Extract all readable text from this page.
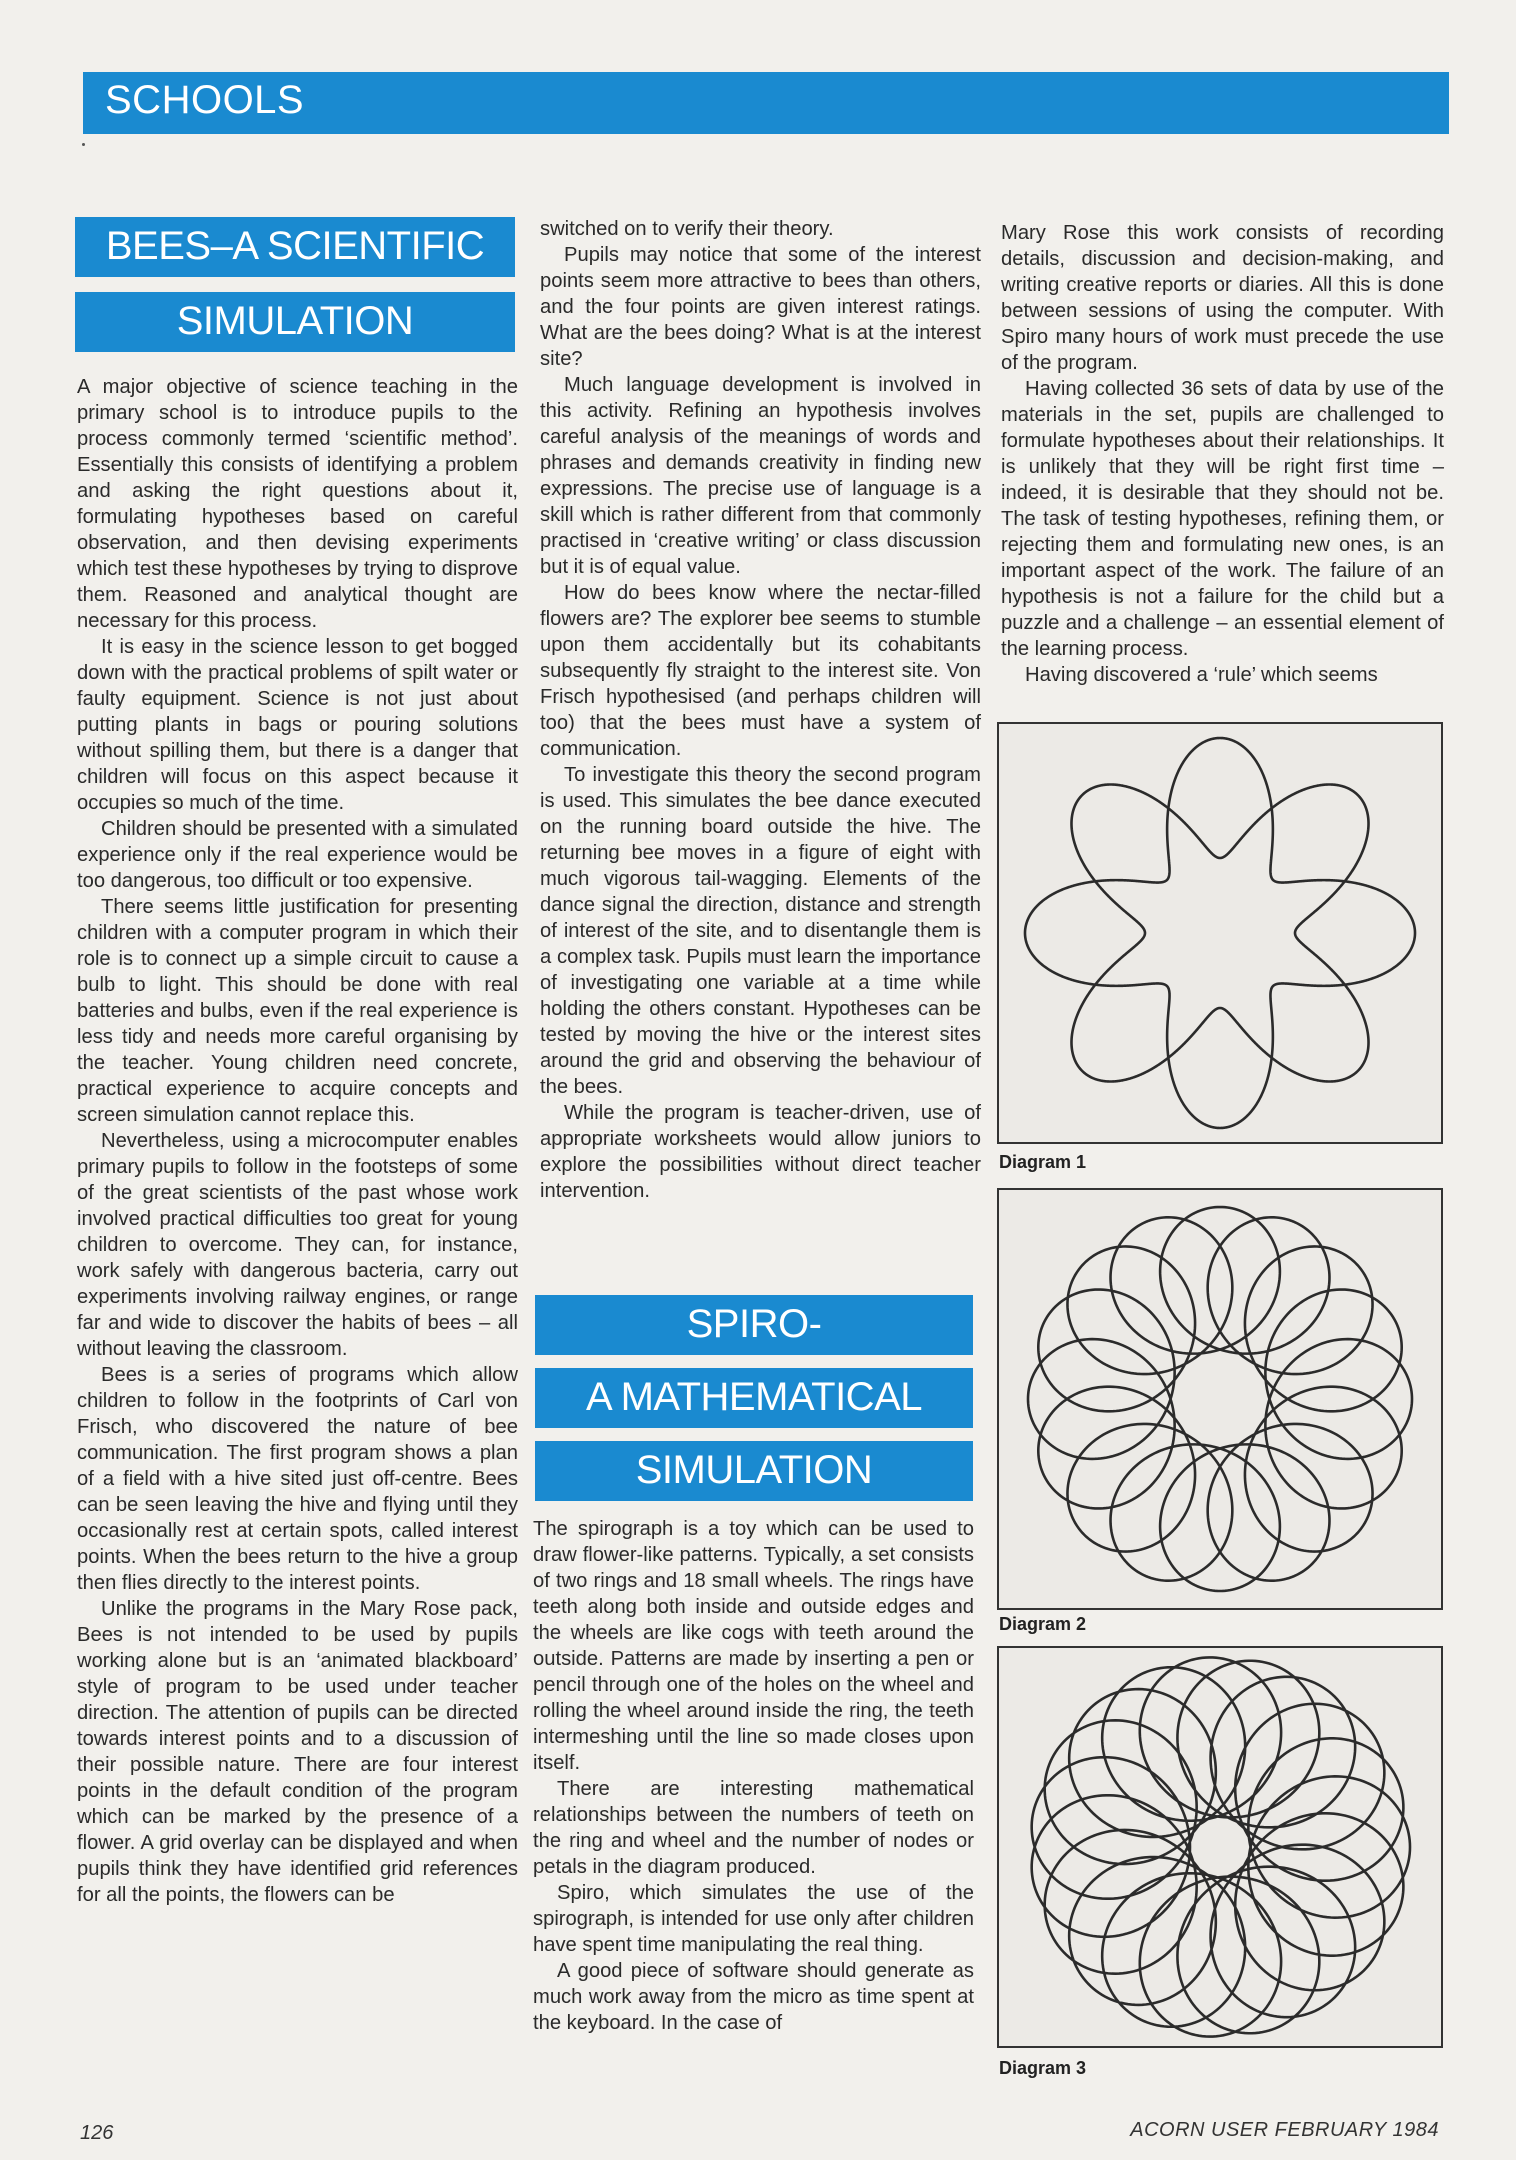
SCHOOLS
BEES–A SCIENTIFIC
SIMULATION

A major objective of science teaching in the primary school is to introduce pupils to the process commonly termed ‘scientific method’. Essentially this consists of identifying a problem and asking the right questions about it, formulating hypotheses based on careful observation, and then devising experiments which test these hypotheses by trying to disprove them. Reasoned and analytical thought are necessary for this process.

It is easy in the science lesson to get bogged down with the practical problems of spilt water or faulty equipment. Science is not just about putting plants in bags or pouring solutions without spilling them, but there is a danger that children will focus on this aspect because it occupies so much of the time.

Children should be presented with a simulated experience only if the real experience would be too dangerous, too difficult or too expensive.

There seems little justification for presenting children with a computer program in which their role is to connect up a simple circuit to cause a bulb to light. This should be done with real batteries and bulbs, even if the real experience is less tidy and needs more careful organising by the teacher. Young children need concrete, practical experience to acquire concepts and screen simulation cannot replace this.

Nevertheless, using a microcomputer enables primary pupils to follow in the footsteps of some of the great scientists of the past whose work involved practical difficulties too great for young children to overcome. They can, for instance, work safely with dangerous bacteria, carry out experiments involving railway engines, or range far and wide to discover the habits of bees – all without leaving the classroom.

Bees is a series of programs which allow children to follow in the footprints of Carl von Frisch, who discovered the nature of bee communication. The first program shows a plan of a field with a hive sited just off-centre. Bees can be seen leaving the hive and flying until they occasionally rest at certain spots, called interest points. When the bees return to the hive a group then flies directly to the interest points.

Unlike the programs in the Mary Rose pack, Bees is not intended to be used by pupils working alone but is an ‘animated blackboard’ style of program to be used under teacher direction. The attention of pupils can be directed towards interest points and to a discussion of their possible nature. There are four interest points in the default condition of the program which can be marked by the presence of a flower. A grid overlay can be displayed and when pupils think they have identified grid references for all the points, the flowers can be

switched on to verify their theory.

Pupils may notice that some of the interest points seem more attractive to bees than others, and the four points are given interest ratings. What are the bees doing? What is at the interest site?

Much language development is involved in this activity. Refining an hypothesis involves careful analysis of the meanings of words and phrases and demands creativity in finding new expressions. The precise use of language is a skill which is rather different from that commonly practised in ‘creative writing’ or class discussion but it is of equal value.

How do bees know where the nectar-filled flowers are? The explorer bee seems to stumble upon them accidentally but its cohabitants subsequently fly straight to the interest site. Von Frisch hypothesised (and perhaps children will too) that the bees must have a system of communication.

To investigate this theory the second program is used. This simulates the bee dance executed on the running board outside the hive. The returning bee moves in a figure of eight with much vigorous tail-wagging. Elements of the dance signal the direction, distance and strength of interest of the site, and to disentangle them is a complex task. Pupils must learn the importance of investigating one variable at a time while holding the others constant. Hypotheses can be tested by moving the hive or the interest sites around the grid and observing the behaviour of the bees.

While the program is teacher-driven, use of appropriate worksheets would allow juniors to explore the possibilities without direct teacher intervention.

SPIRO-
A MATHEMATICAL
SIMULATION

The spirograph is a toy which can be used to draw flower-like patterns. Typically, a set consists of two rings and 18 small wheels. The rings have teeth along both inside and outside edges and the wheels are like cogs with teeth around the outside. Patterns are made by inserting a pen or pencil through one of the holes on the wheel and rolling the wheel around inside the ring, the teeth intermeshing until the line so made closes upon itself.

There are interesting mathematical relationships between the numbers of teeth on the ring and wheel and the number of nodes or petals in the diagram produced.

Spiro, which simulates the use of the spirograph, is intended for use only after children have spent time manipulating the real thing.

A good piece of software should generate as much work away from the micro as time spent at the keyboard. In the case of

Mary Rose this work consists of recording details, discussion and decision-making, and writing creative reports or diaries. All this is done between sessions of using the computer. With Spiro many hours of work must precede the use of the program.

Having collected 36 sets of data by use of the materials in the set, pupils are challenged to formulate hypotheses about their relationships. It is unlikely that they will be right first time – indeed, it is desirable that they should not be. The task of testing hypotheses, refining them, or rejecting them and formulating new ones, is an important aspect of the work. The failure of an hypothesis is not a failure for the child but a puzzle and a challenge – an essential element of the learning process.

Having discovered a ‘rule’ which seems

Diagram 1
Diagram 2
Diagram 3
126	ACORN USER FEBRUARY 1984
